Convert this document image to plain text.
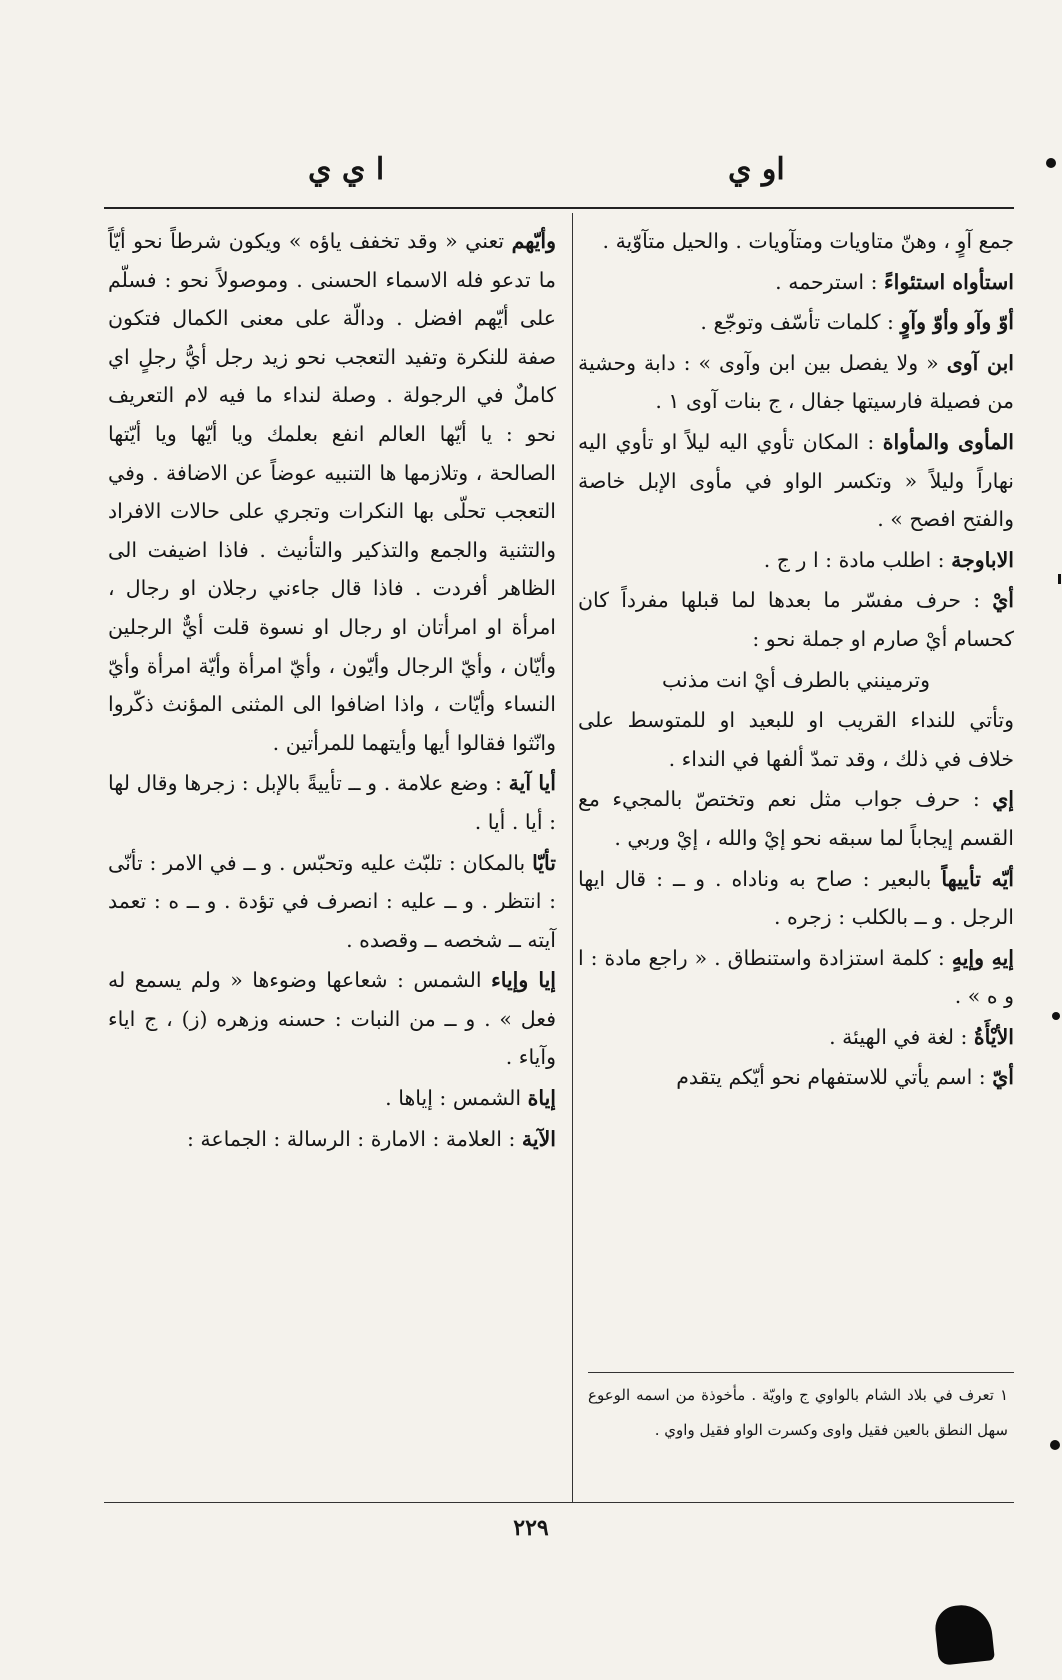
او ي
ا ي ي

جمع آوٍ ، وهنّ متاويات ومتآويات . والحيل متآوّية .

استأواه استئواءً : استرحمه .

أوّ وآو وأوّ وآوٍ : كلمات تأسّف وتوجّع .

ابن آوى « ولا يفصل بين ابن وآوى » : دابة وحشية من فصيلة فارسيتها جفال ، ج بنات آوى ١ .

المأوى والمأواة : المكان تأوي اليه ليلاً او تأوي اليه نهاراً وليلاً « وتكسر الواو في مأوى الإبل خاصة والفتح افصح » .

الاباوجة : اطلب مادة : ا ر ج .

أيْ : حرف مفسّر ما بعدها لما قبلها مفرداً كان كحسام أيْ صارم او جملة نحو :

وترمينني بالطرف أيْ انت مذنب

وتأتي للنداء القريب او للبعيد او للمتوسط على خلاف في ذلك ، وقد تمدّ ألفها في النداء .

إي : حرف جواب مثل نعم وتختصّ بالمجيء مع القسم إيجاباً لما سبقه نحو إيْ والله ، إيْ وربي .

أيّه تأييهاً بالبعير : صاح به وناداه . و ــ : قال ايها الرجل . و ــ بالكلب : زجره .

إيهِ وإيهٍ : كلمة استزادة واستنطاق . « راجع مادة : ا و ه » .

الأيْأَةُ : لغة في الهيئة .

أيّ : اسم يأتي للاستفهام نحو أيّكم يتقدم

١ تعرف في بلاد الشام بالواوي ج واويّة . مأخوذة من اسمه الوعوع سهل النطق بالعين فقيل واوى وكسرت الواو فقيل واوي .

وأيّهم تعني « وقد تخفف ياؤه » ويكون شرطاً نحو أيّاً ما تدعو فله الاسماء الحسنى . وموصولاً نحو : فسلّم على أيّهم افضل . ودالّة على معنى الكمال فتكون صفة للنكرة وتفيد التعجب نحو زيد رجل أيُّ رجلٍ اي كاملٌ في الرجولة . وصلة لنداء ما فيه لام التعريف نحو : يا أيّها العالم انفع بعلمك ويا أيّها ويا أيّتها الصالحة ، وتلازمها ها التنبيه عوضاً عن الاضافة . وفي التعجب تحلّى بها النكرات وتجري على حالات الافراد والتثنية والجمع والتذكير والتأنيث . فاذا اضيفت الى الظاهر أفردت . فاذا قال جاءني رجلان او رجال ، امرأة او امرأتان او رجال او نسوة قلت أيٌّ الرجلين وأيّان ، وأيّ الرجال وأيّون ، وأيّ امرأة وأيّة امرأة وأيّ النساء وأيّات ، واذا اضافوا الى المثنى المؤنث ذكّروا وانّثوا فقالوا أيها وأيتهما للمرأتين .

أيا آية : وضع علامة . و ــ تأييةً بالإبل : زجرها وقال لها : أيا . أيا .

تأيّا بالمكان : تلبّث عليه وتحبّس . و ــ في الامر : تأنّى : انتظر . و ــ عليه : انصرف في تؤدة . و ــ ه : تعمد آيته ــ شخصه ــ وقصده .

إيا وإياء الشمس : شعاعها وضوءها « ولم يسمع له فعل » . و ــ من النبات : حسنه وزهره (ز) ، ج اياء وآياء .

إياة الشمس : إياها .

الآية : العلامة : الامارة : الرسالة : الجماعة :

٢٢٩
